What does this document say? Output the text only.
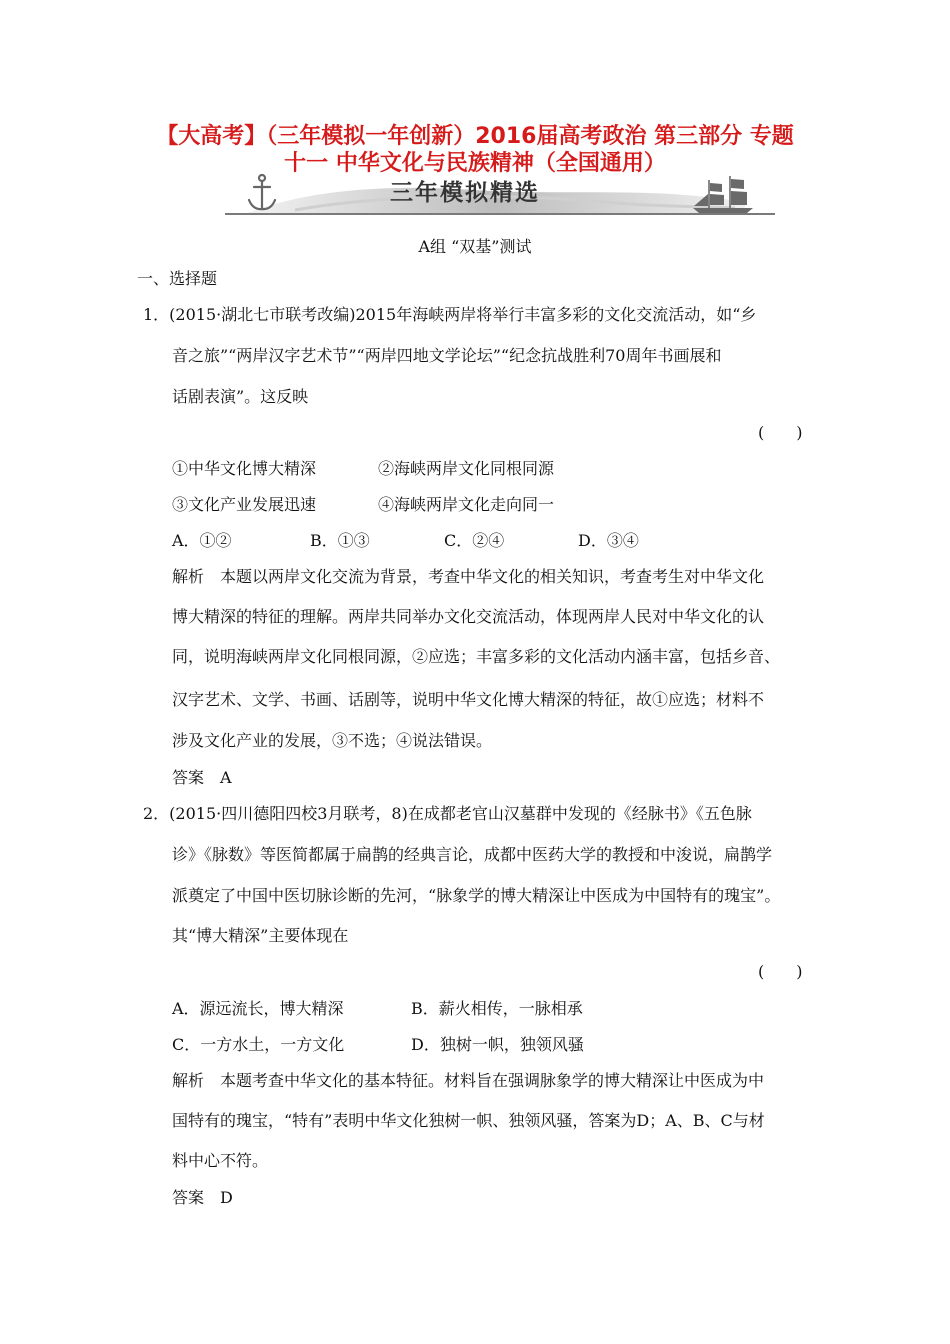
【大高考】（三年模拟一年创新）2016届高考政治 第三部分 专题
十一 中华文化与民族精神（全国通用）
三年模拟精选
A组 “双基”测试
一、选择题
1．(2015·湖北七市联考改编)2015年海峡两岸将举行丰富多彩的文化交流活动，如“乡
音之旅”“两岸汉字艺术节”“两岸四地文学论坛”“纪念抗战胜利70周年书画展和
话剧表演”。这反映
(　　)
①中华文化博大精深	②海峡两岸文化同根同源
③文化产业发展迅速	④海峡两岸文化走向同一
A．①②	B．①③	C．②④	D．③④
解析　本题以两岸文化交流为背景，考查中华文化的相关知识，考查考生对中华文化
博大精深的特征的理解。两岸共同举办文化交流活动，体现两岸人民对中华文化的认
同，说明海峡两岸文化同根同源，②应选；丰富多彩的文化活动内涵丰富，包括乡音、
汉字艺术、文学、书画、话剧等，说明中华文化博大精深的特征，故①应选；材料不
涉及文化产业的发展，③不选；④说法错误。
答案　A
2．(2015·四川德阳四校3月联考，8)在成都老官山汉墓群中发现的《经脉书》《五色脉
诊》《脉数》等医简都属于扁鹊的经典言论，成都中医药大学的教授和中浚说，扁鹊学
派奠定了中国中医切脉诊断的先河，“脉象学的博大精深让中医成为中国特有的瑰宝”。
其“博大精深”主要体现在
(　　)
A．源远流长，博大精深	B．薪火相传，一脉相承
C．一方水土，一方文化	D．独树一帜，独领风骚
解析　本题考查中华文化的基本特征。材料旨在强调脉象学的博大精深让中医成为中
国特有的瑰宝，“特有”表明中华文化独树一帜、独领风骚，答案为D；A、B、C与材
料中心不符。
答案　D
